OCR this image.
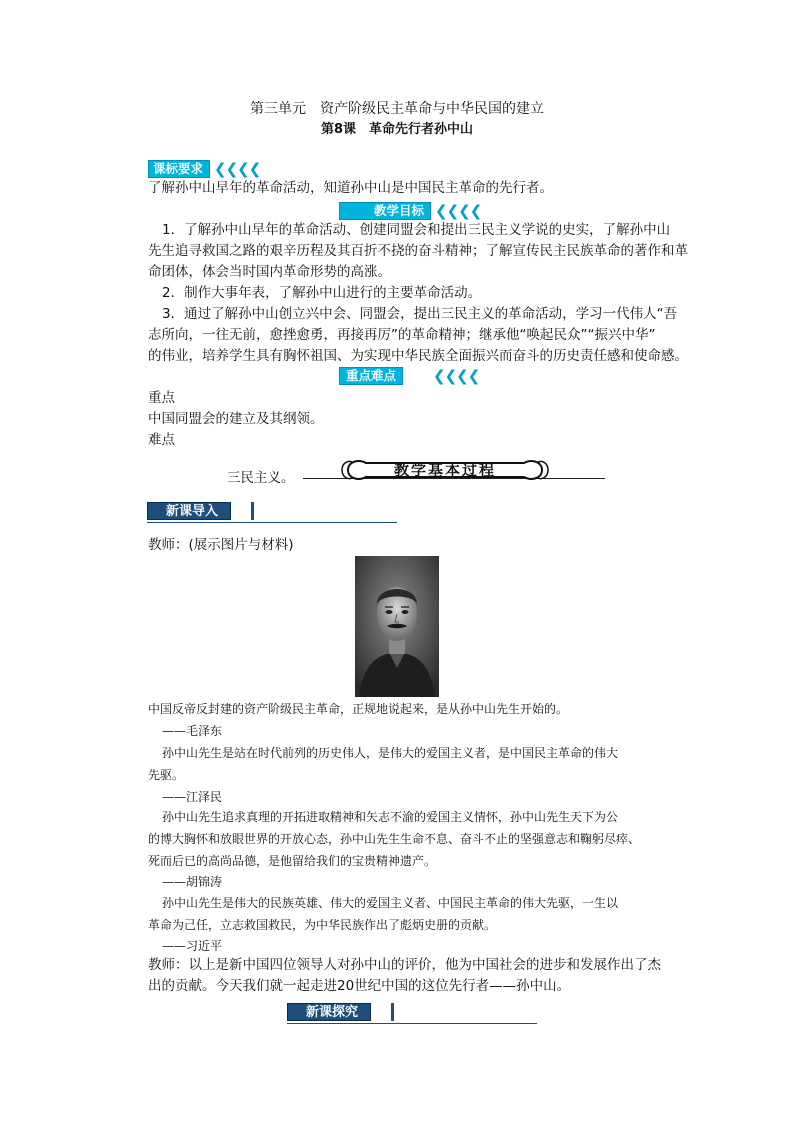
第三单元　资产阶级民主革命与中华民国的建立
第8课　革命先行者孙中山
课标要求 ❮❮❮❮
了解孙中山早年的革命活动，知道孙中山是中国民主革命的先行者。
教学目标 ❮❮❮❮
1．了解孙中山早年的革命活动、创建同盟会和提出三民主义学说的史实，了解孙中山
先生追寻救国之路的艰辛历程及其百折不挠的奋斗精神；了解宣传民主民族革命的著作和革
命团体，体会当时国内革命形势的高涨。
2．制作大事年表，了解孙中山进行的主要革命活动。
3．通过了解孙中山创立兴中会、同盟会，提出三民主义的革命活动，学习一代伟人“吾
志所向，一往无前，愈挫愈勇，再接再厉”的革命精神；继承他“唤起民众”“振兴中华”
的伟业，培养学生具有胸怀祖国、为实现中华民族全面振兴而奋斗的历史责任感和使命感。
重点难点	❮❮❮❮
重点
中国同盟会的建立及其纲领。
难点
三民主义。	教学基本过程
新课导入
教师：(展示图片与材料)
中国反帝反封建的资产阶级民主革命，正规地说起来，是从孙中山先生开始的。
——毛泽东
孙中山先生是站在时代前列的历史伟人，是伟大的爱国主义者，是中国民主革命的伟大
先驱。
——江泽民
孙中山先生追求真理的开拓进取精神和矢志不渝的爱国主义情怀，孙中山先生天下为公
的博大胸怀和放眼世界的开放心态，孙中山先生生命不息、奋斗不止的坚强意志和鞠躬尽瘁、
死而后已的高尚品德，是他留给我们的宝贵精神遗产。
——胡锦涛
孙中山先生是伟大的民族英雄、伟大的爱国主义者、中国民主革命的伟大先驱，一生以
革命为己任，立志救国救民，为中华民族作出了彪炳史册的贡献。
——习近平
教师：以上是新中国四位领导人对孙中山的评价，他为中国社会的进步和发展作出了杰
出的贡献。今天我们就一起走进20世纪中国的这位先行者——孙中山。
新课探究
